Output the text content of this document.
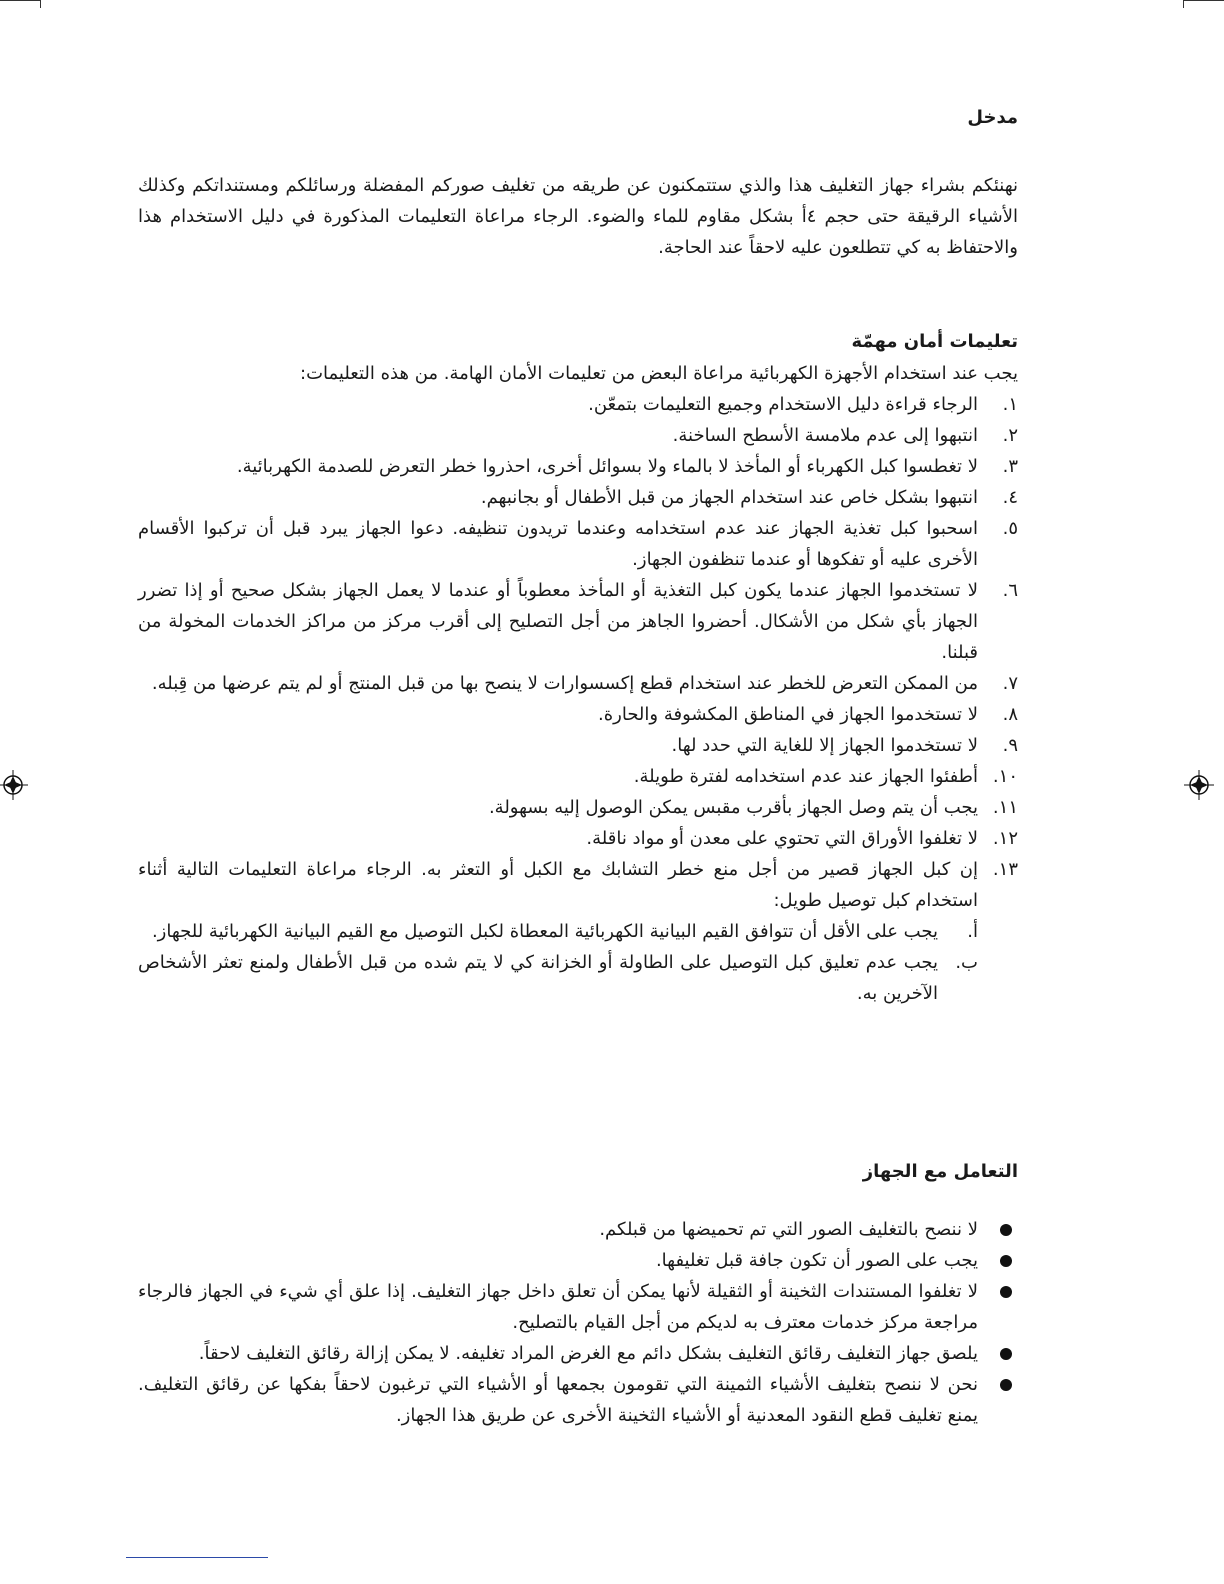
مدخل

نهنئكم بشراء جهاز التغليف هذا والذي ستتمكنون عن طريقه من تغليف صوركم المفضلة ورسائلكم ومستنداتكم وكذلك الأشياء الرقيقة حتى حجم ٤أ بشكل مقاوم للماء والضوء. الرجاء مراعاة التعليمات المذكورة في دليل الاستخدام هذا والاحتفاظ به كي تتطلعون عليه لاحقاً عند الحاجة.

تعليمات أمان مهمّة

يجب عند استخدام الأجهزة الكهربائية مراعاة البعض من تعليمات الأمان الهامة. من هذه التعليمات:

١.
الرجاء قراءة دليل الاستخدام وجميع التعليمات بتمعّن.
٢.
انتبهوا إلى عدم ملامسة الأسطح الساخنة.
٣.
لا تغطسوا كبل الكهرباء أو المأخذ لا بالماء ولا بسوائل أخرى، احذروا خطر التعرض للصدمة الكهربائية.
٤.
انتبهوا بشكل خاص عند استخدام الجهاز من قبل الأطفال أو بجانبهم.
٥.
اسحبوا كبل تغذية الجهاز عند عدم استخدامه وعندما تريدون تنظيفه. دعوا الجهاز يبرد قبل أن تركبوا الأقسام الأخرى عليه أو تفكوها أو عندما تنظفون الجهاز.
٦.
لا تستخدموا الجهاز عندما يكون كبل التغذية أو المأخذ معطوباً أو عندما لا يعمل الجهاز بشكل صحيح أو إذا تضرر الجهاز بأي شكل من الأشكال. أحضروا الجاهز من أجل التصليح إلى أقرب مركز من مراكز الخدمات المخولة من قبلنا.
٧.
من الممكن التعرض للخطر عند استخدام قطع إكسسوارات لا ينصح بها من قبل المنتج أو لم يتم عرضها من قِبله.
٨.
لا تستخدموا الجهاز في المناطق المكشوفة والحارة.
٩.
لا تستخدموا الجهاز إلا للغاية التي حدد لها.
١٠.
أطفئوا الجهاز عند عدم استخدامه لفترة طويلة.
١١.
يجب أن يتم وصل الجهاز بأقرب مقبس يمكن الوصول إليه بسهولة.
١٢.
لا تغلفوا الأوراق التي تحتوي على معدن أو مواد ناقلة.
١٣.
إن كبل الجهاز قصير من أجل منع خطر التشابك مع الكبل أو التعثر به. الرجاء مراعاة التعليمات التالية أثناء استخدام كبل توصيل طويل:
أ.
يجب على الأقل أن تتوافق القيم البيانية الكهربائية المعطاة لكبل التوصيل مع القيم البيانية الكهربائية للجهاز.
ب.
يجب عدم تعليق كبل التوصيل على الطاولة أو الخزانة كي لا يتم شده من قبل الأطفال ولمنع تعثر الأشخاص الآخرين به.
التعامل مع الجهاز
لا ننصح بالتغليف الصور التي تم تحميضها من قبلكم.
يجب على الصور أن تكون جافة قبل تغليفها.
لا تغلفوا المستندات الثخينة أو الثقيلة لأنها يمكن أن تعلق داخل جهاز التغليف. إذا علق أي شيء في الجهاز فالرجاء مراجعة مركز خدمات معترف به لديكم من أجل القيام بالتصليح.
يلصق جهاز التغليف رقائق التغليف بشكل دائم مع الغرض المراد تغليفه. لا يمكن إزالة رقائق التغليف لاحقاً.
نحن لا ننصح بتغليف الأشياء الثمينة التي تقومون بجمعها أو الأشياء التي ترغبون لاحقاً بفكها عن رقائق التغليف. يمنع تغليف قطع النقود المعدنية أو الأشياء الثخينة الأخرى عن طريق هذا الجهاز.
